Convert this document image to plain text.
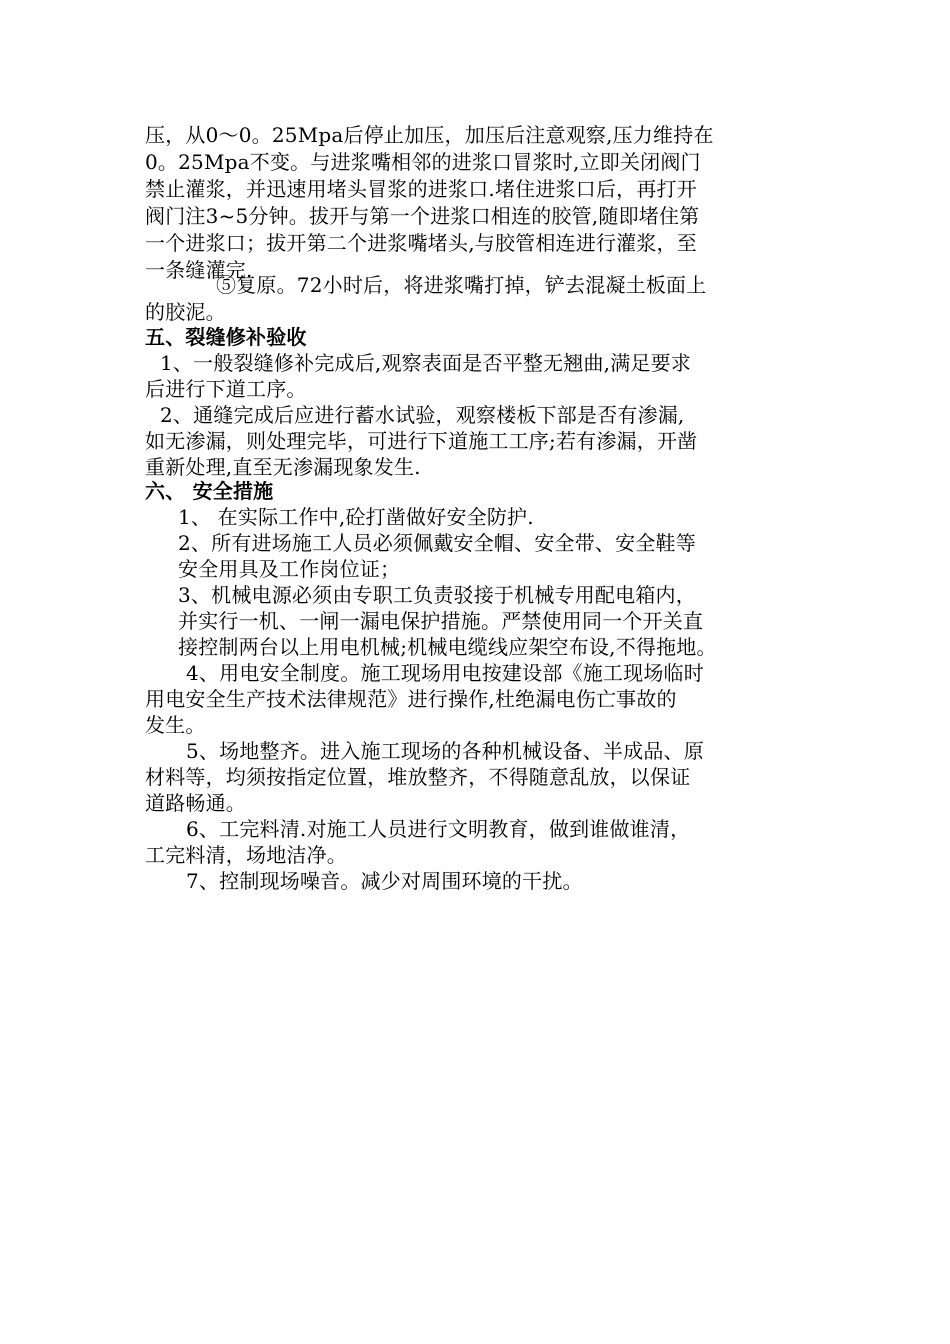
压，从0～0。25Mpa后停止加压，加压后注意观察,压力维持在
0。25Mpa不变。与进浆嘴相邻的进浆口冒浆时,立即关闭阀门
禁止灌浆，并迅速用堵头冒浆的进浆口.堵住进浆口后，再打开
阀门注3~5分钟。拔开与第一个进浆口相连的胶管,随即堵住第
一个进浆口；拔开第二个进浆嘴堵头,与胶管相连进行灌浆，至
一条缝灌完.
⑤复原。72小时后，将进浆嘴打掉，铲去混凝土板面上
的胶泥。
五、裂缝修补验收
1、一般裂缝修补完成后,观察表面是否平整无翘曲,满足要求
后进行下道工序。
2、通缝完成后应进行蓄水试验，观察楼板下部是否有渗漏,
如无渗漏，则处理完毕，可进行下道施工工序;若有渗漏，开凿
重新处理,直至无渗漏现象发生.
六、 安全措施
1、 在实际工作中,砼打凿做好安全防护.
2、所有进场施工人员必须佩戴安全帽、安全带、安全鞋等
安全用具及工作岗位证；
3、机械电源必须由专职工负责驳接于机械专用配电箱内，
并实行一机、一闸一漏电保护措施。严禁使用同一个开关直
接控制两台以上用电机械;机械电缆线应架空布设,不得拖地。
4、用电安全制度。施工现场用电按建设部《施工现场临时
用电安全生产技术法律规范》进行操作,杜绝漏电伤亡事故的
发生。
5、场地整齐。进入施工现场的各种机械设备、半成品、原
材料等，均须按指定位置，堆放整齐，不得随意乱放，以保证
道路畅通。
6、工完料清.对施工人员进行文明教育，做到谁做谁清，
工完料清，场地洁净。
7、控制现场噪音。减少对周围环境的干扰。
